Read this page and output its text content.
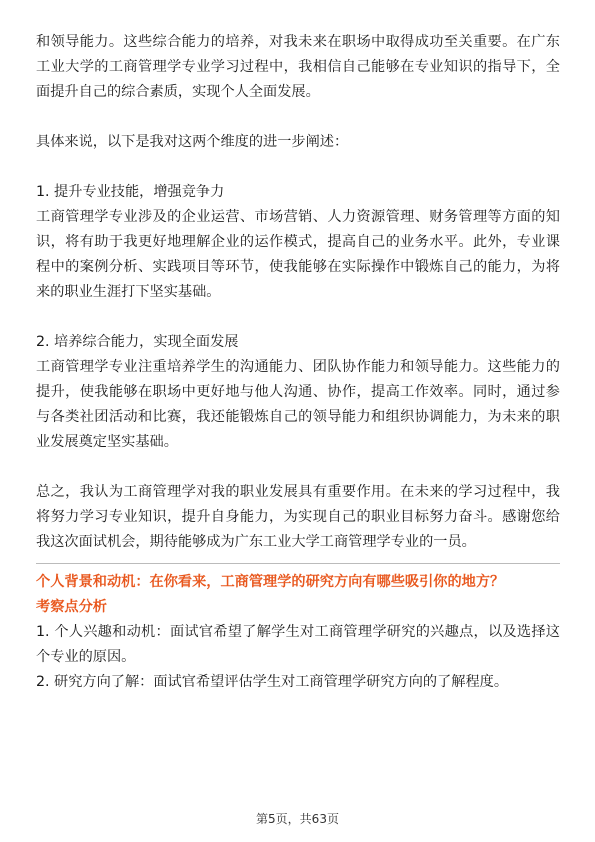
和领导能力。这些综合能力的培养，对我未来在职场中取得成功至关重要。在广东工业大学的工商管理学专业学习过程中，我相信自己能够在专业知识的指导下，全面提升自己的综合素质，实现个人全面发展。

具体来说，以下是我对这两个维度的进一步阐述：

1. 提升专业技能，增强竞争力

工商管理学专业涉及的企业运营、市场营销、人力资源管理、财务管理等方面的知识，将有助于我更好地理解企业的运作模式，提高自己的业务水平。此外，专业课程中的案例分析、实践项目等环节，使我能够在实际操作中锻炼自己的能力，为将来的职业生涯打下坚实基础。

2. 培养综合能力，实现全面发展

工商管理学专业注重培养学生的沟通能力、团队协作能力和领导能力。这些能力的提升，使我能够在职场中更好地与他人沟通、协作，提高工作效率。同时，通过参与各类社团活动和比赛，我还能锻炼自己的领导能力和组织协调能力，为未来的职业发展奠定坚实基础。

总之，我认为工商管理学对我的职业发展具有重要作用。在未来的学习过程中，我将努力学习专业知识，提升自身能力，为实现自己的职业目标努力奋斗。感谢您给我这次面试机会，期待能够成为广东工业大学工商管理学专业的一员。

个人背景和动机：在你看来，工商管理学的研究方向有哪些吸引你的地方？

考察点分析

1. 个人兴趣和动机：面试官希望了解学生对工商管理学研究的兴趣点，以及选择这个专业的原因。

2. 研究方向了解：面试官希望评估学生对工商管理学研究方向的了解程度。

第5页，共63页
